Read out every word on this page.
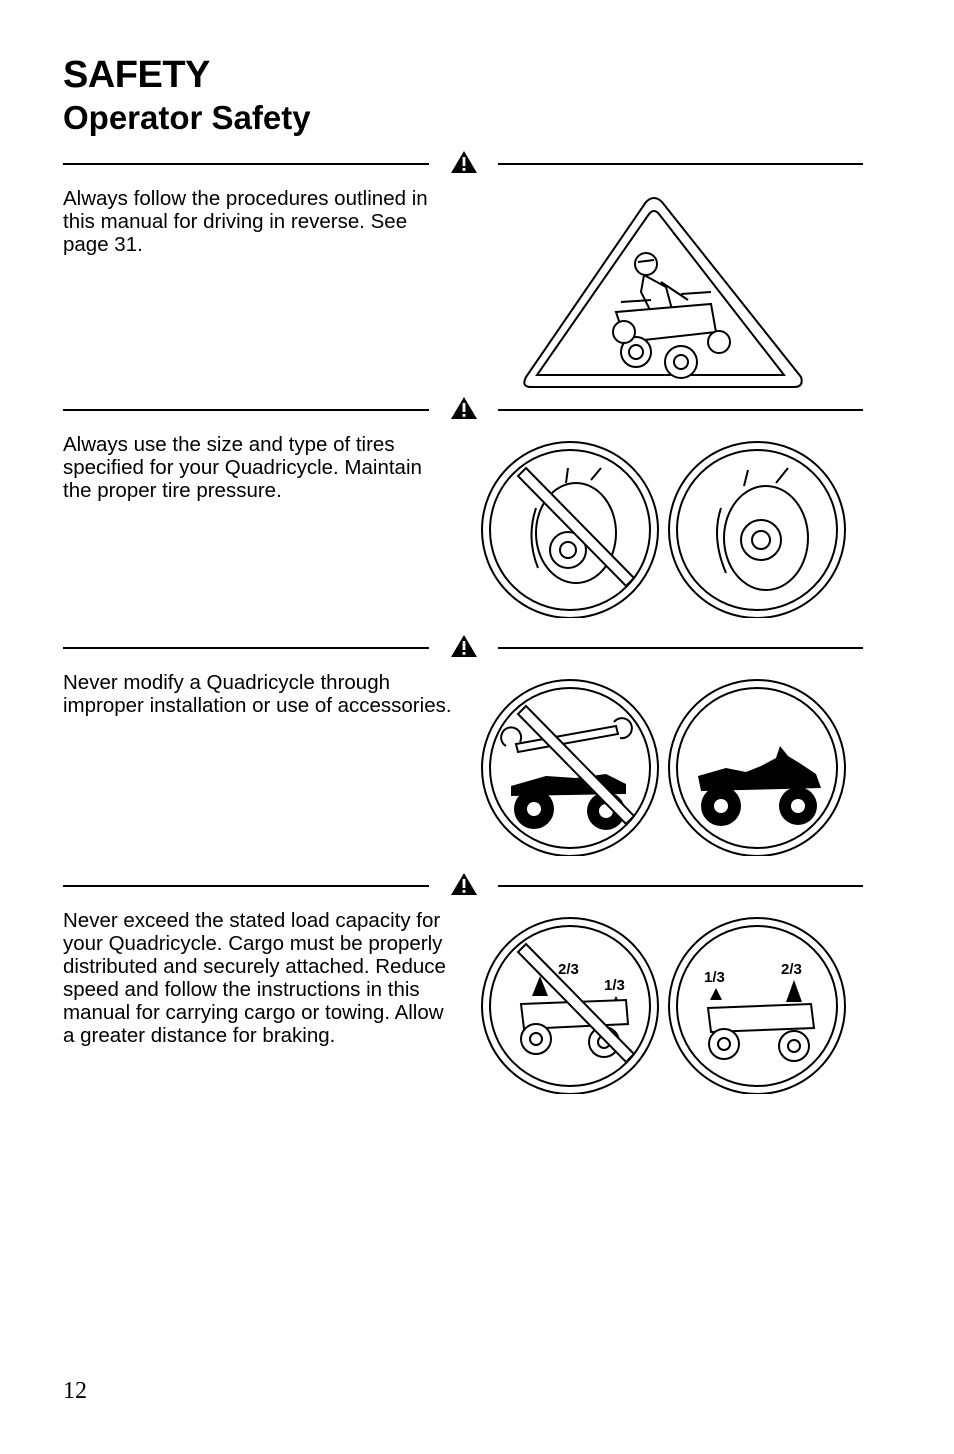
SAFETY
Operator Safety

Always follow the procedures outlined in this manual for driving in reverse. See page 31.

Always use the size and type of tires specified for your Quadricycle. Maintain the proper tire pressure.

Never modify a Quadricycle through improper installation or use of accessories.

Never exceed the stated load capacity for your Quadricycle. Cargo must be properly distributed and securely attached. Reduce speed and follow the instructions in this manual for carrying cargo or towing. Allow a greater distance for braking.

2/3
1/3	1/3	2/3
12
